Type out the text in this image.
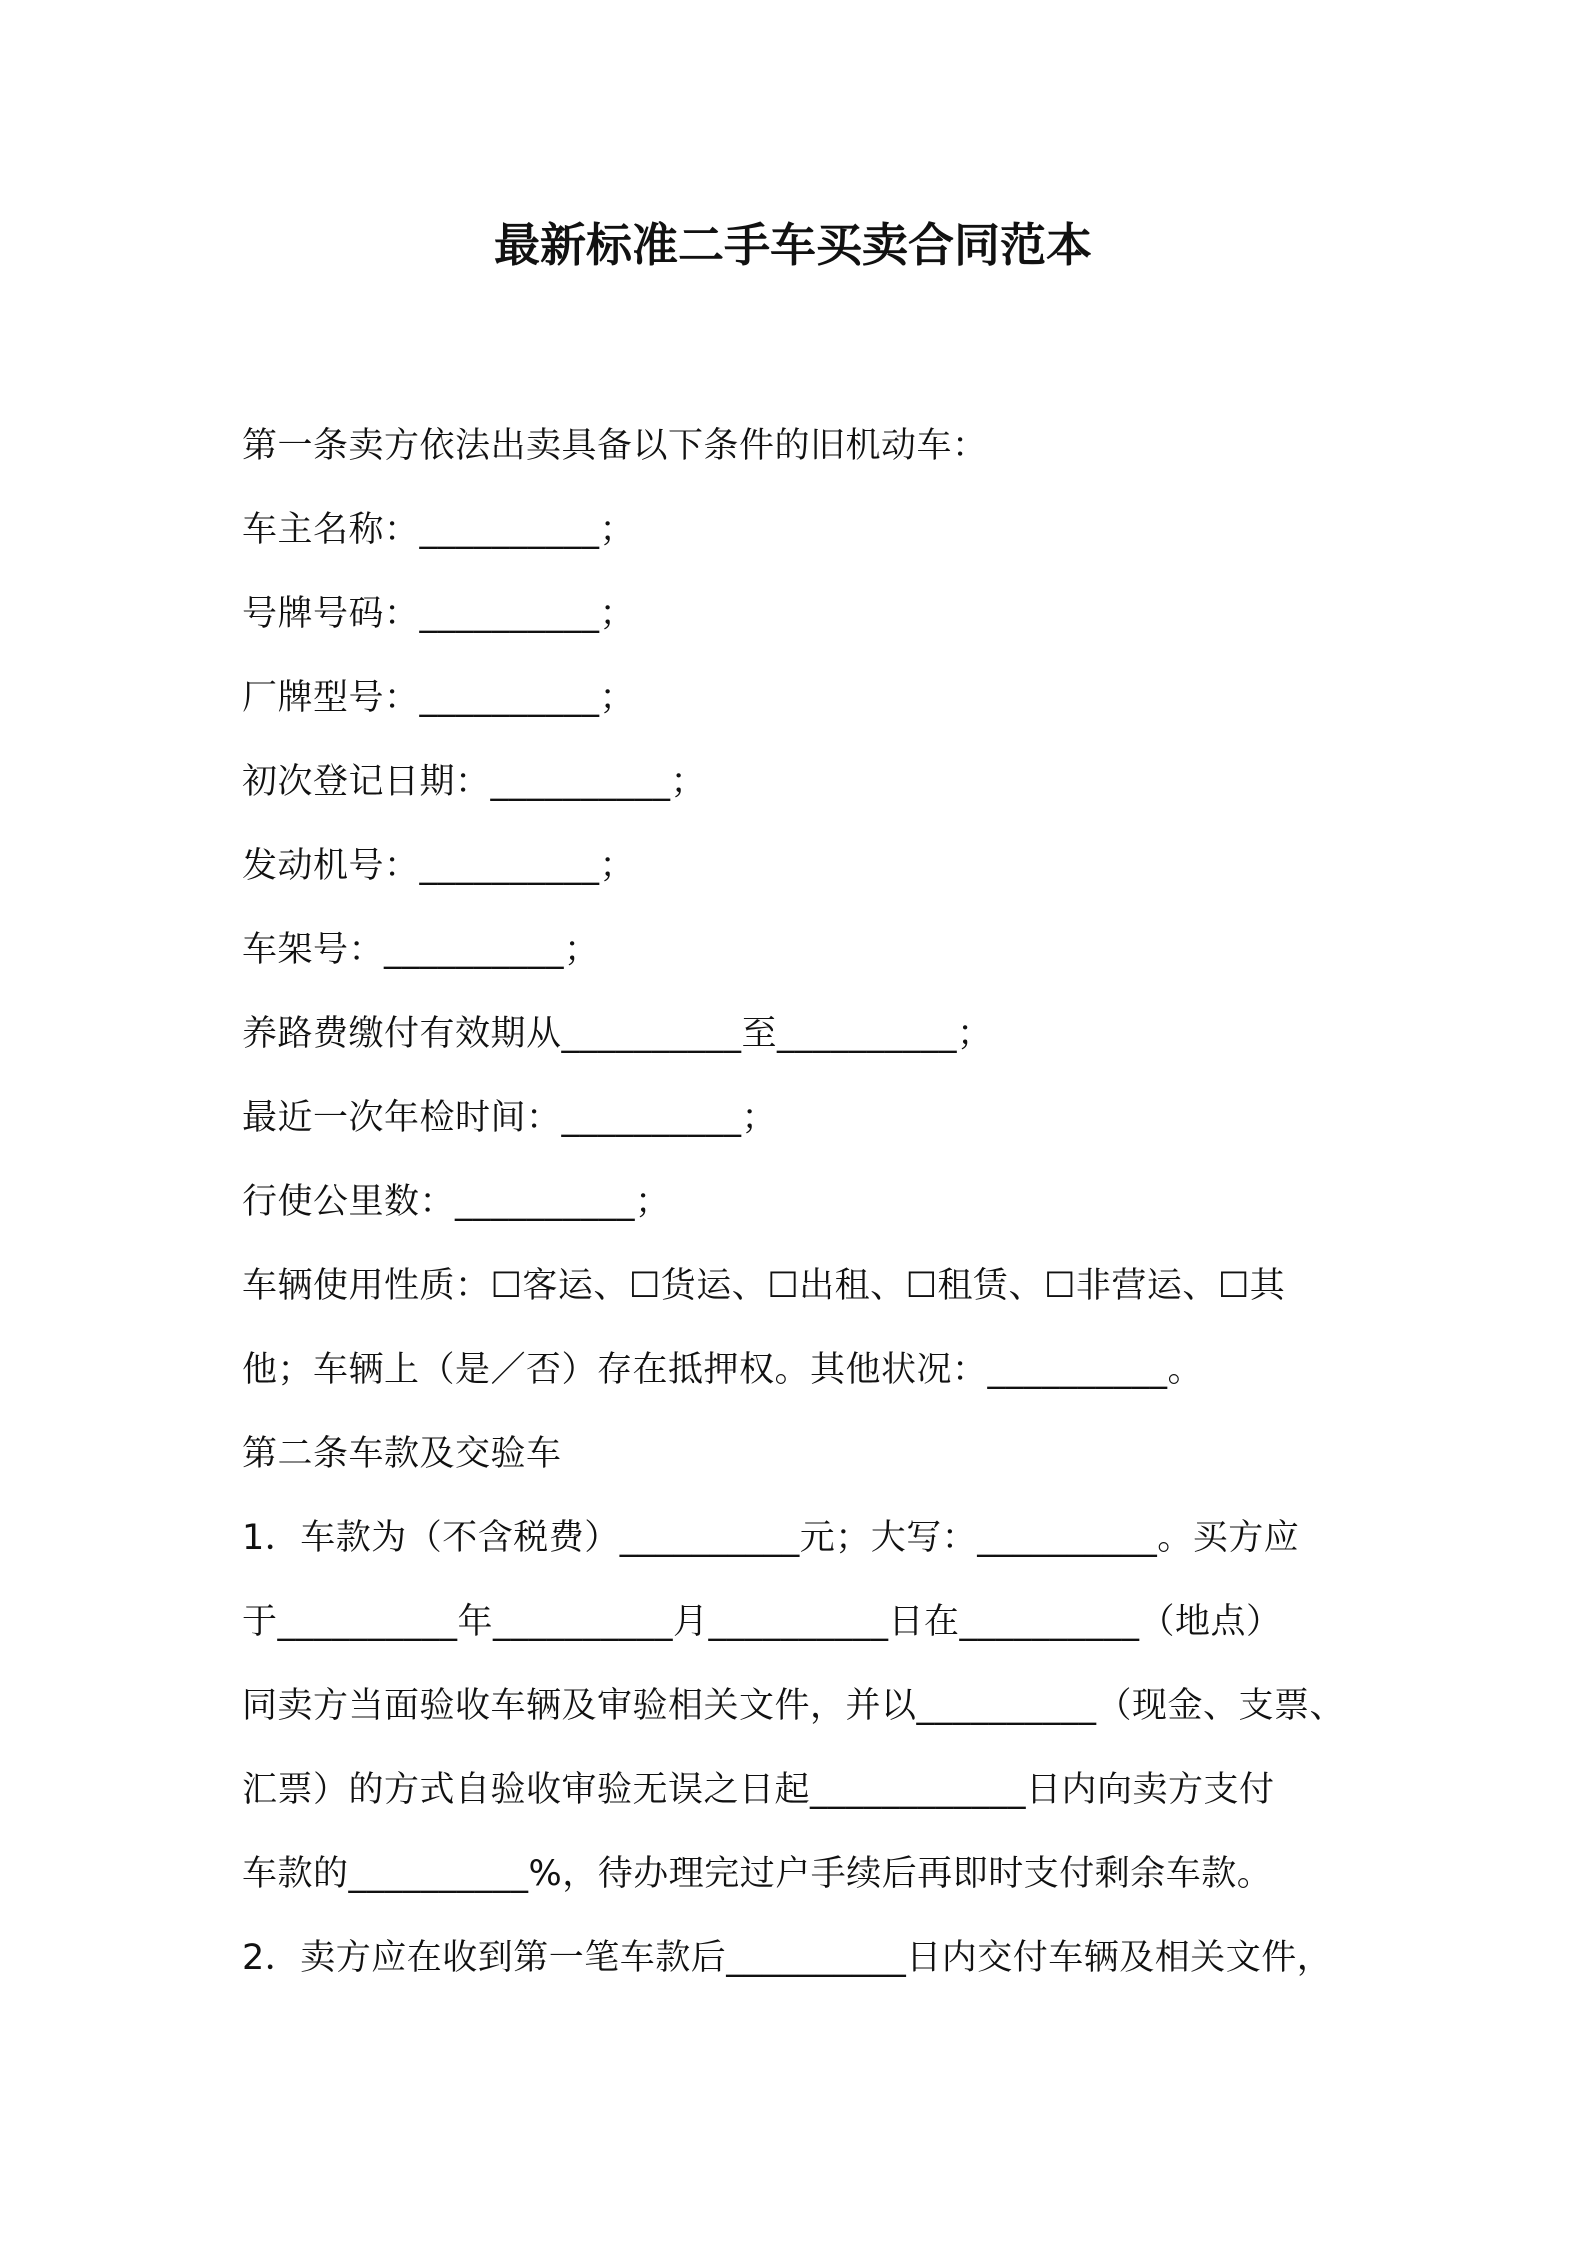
最新标准二手车买卖合同范本
第一条卖方依法出卖具备以下条件的旧机动车：
车主名称：__________；
号牌号码：__________；
厂牌型号：__________；
初次登记日期：__________；
发动机号：__________；
车架号：__________；
养路费缴付有效期从__________至__________；
最近一次年检时间：__________；
行使公里数：__________；
车辆使用性质：☐客运、☐货运、☐出租、☐租赁、☐非营运、☐其
他；车辆上（是／否）存在抵押权。其他状况：__________。
第二条车款及交验车
1．车款为（不含税费）__________元；大写：__________。买方应
于__________年__________月__________日在__________（地点）
同卖方当面验收车辆及审验相关文件，并以__________（现金、支票、
汇票）的方式自验收审验无误之日起____________日内向卖方支付
车款的__________%，待办理完过户手续后再即时支付剩余车款。
2．卖方应在收到第一笔车款后__________日内交付车辆及相关文件，
